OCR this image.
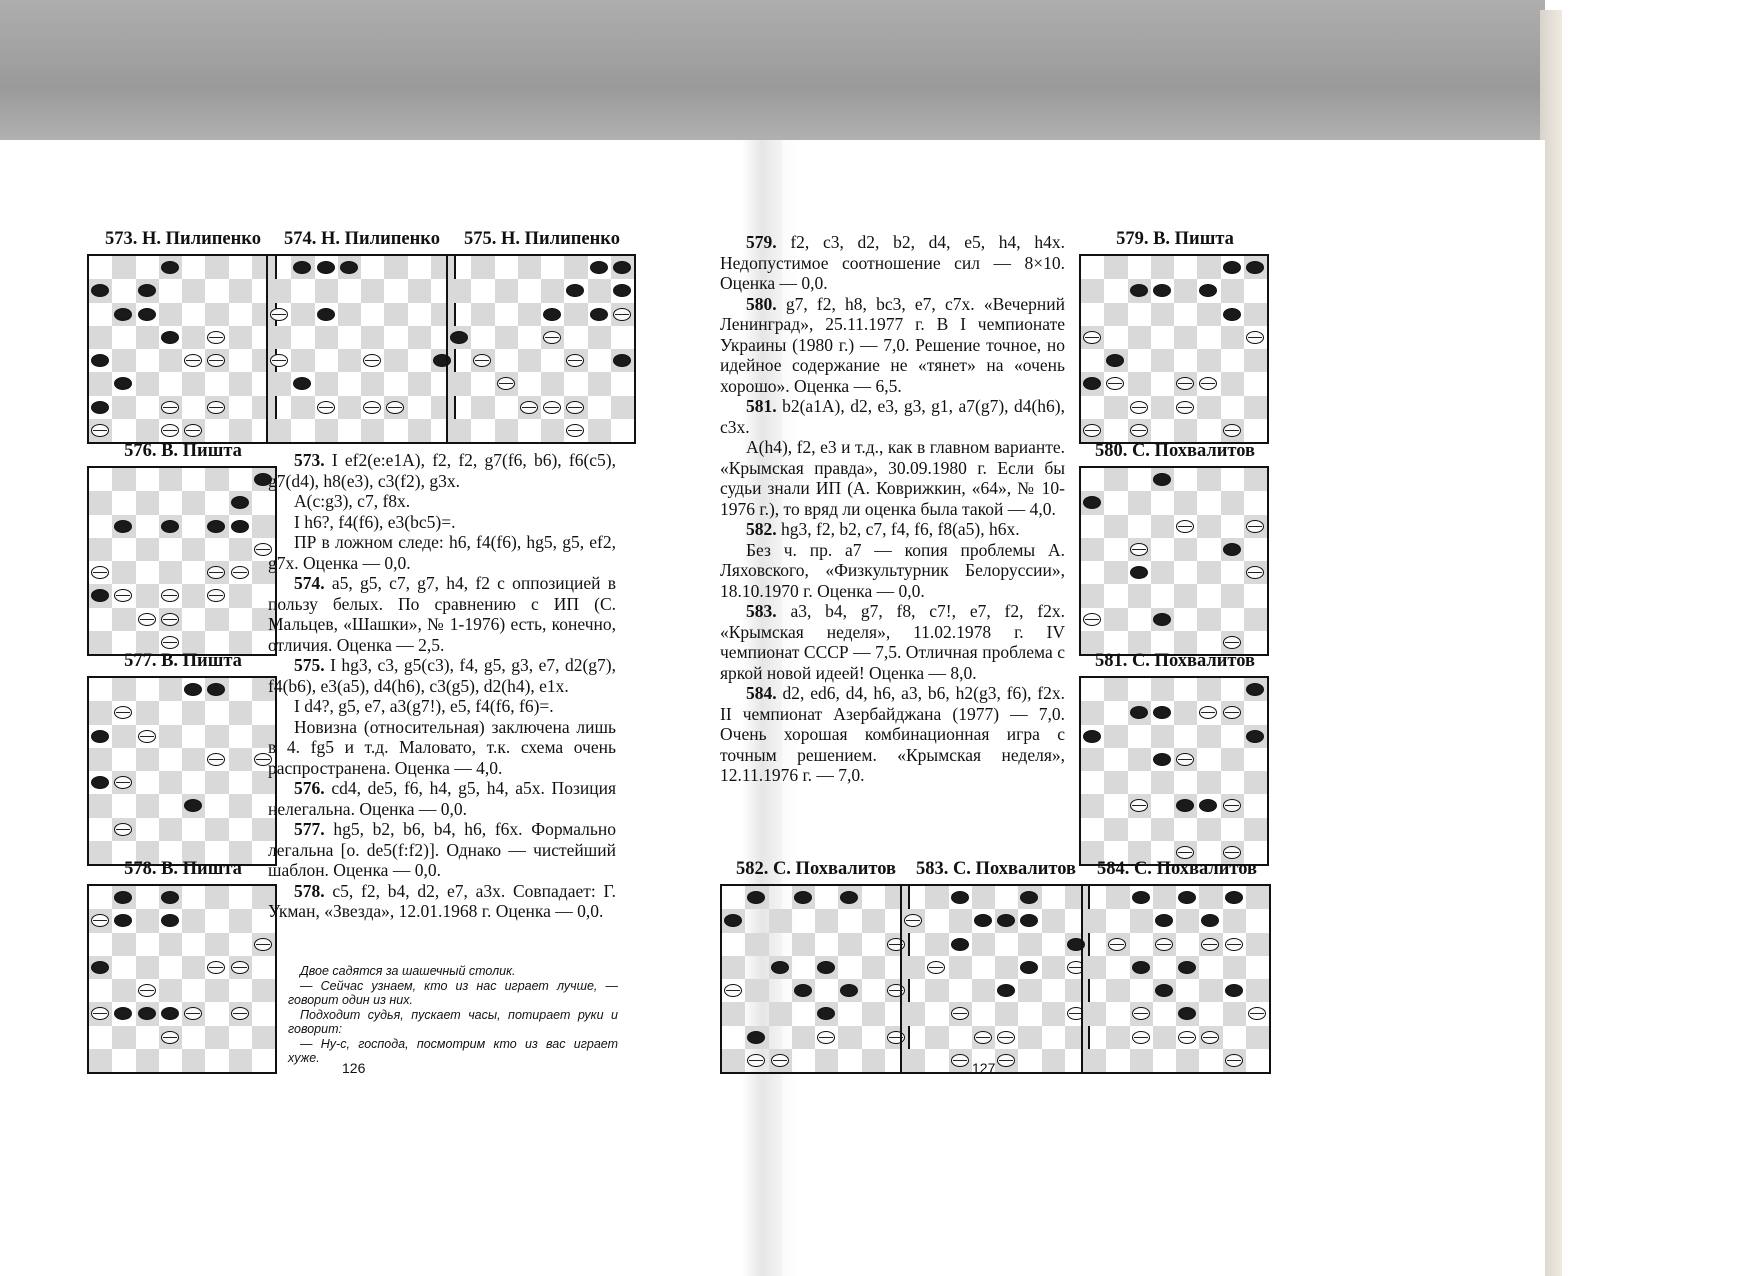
573. Н. Пилипенко	574. Н. Пилипенко	575. Н. Пилипенко
576. В. Пишта
577. В. Пишта
578. В. Пишта
579. В. Пишта
580. С. Похвалитов
581. С. Похвалитов
582. С. Похвалитов	583. С. Похвалитов	584. С. Похвалитов

573. I ef2(e:e1A), f2, f2, g7(f6, b6), f6(c5), g7(d4), h8(e3), c3(f2), g3x.

A(c:g3), c7, f8x.

I h6?, f4(f6), e3(bc5)=.

ПР в ложном следе: h6, f4(f6), hg5, g5, ef2, g7x. Оценка — 0,0.

574. a5, g5, c7, g7, h4, f2 с оппозицией в пользу белых. По сравнению с ИП (С. Мальцев, «Шашки», № 1-1976) есть, конечно, отличия. Оценка — 2,5.

575. I hg3, c3, g5(c3), f4, g5, g3, e7, d2(g7), f4(b6), e3(a5), d4(h6), c3(g5), d2(h4), e1x.

I d4?, g5, e7, a3(g7!), e5, f4(f6, f6)=.

Новизна (относительная) заключена лишь в 4. fg5 и т.д. Маловато, т.к. схема очень распространена. Оценка — 4,0.

576. cd4, de5, f6, h4, g5, h4, a5x. Позиция нелегальна. Оценка — 0,0.

577. hg5, b2, b6, b4, h6, f6x. Формально легальна [о. de5(f:f2)]. Однако — чистейший шаблон. Оценка — 0,0.

578. c5, f2, b4, d2, e7, a3x. Совпадает: Г. Укман, «Звезда», 12.01.1968 г. Оценка — 0,0.

Двое садятся за шашечный столик.

— Сейчас узнаем, кто из нас играет лучше, — говорит один из них.

Подходит судья, пускает часы, потирает руки и говорит:

— Ну-с, господа, посмотрим кто из вас играет хуже.

579. f2, c3, d2, b2, d4, e5, h4, h4x. Недопустимое соотношение сил — 8×10. Оценка — 0,0.

580. g7, f2, h8, bc3, e7, c7x. «Вечерний Ленинград», 25.11.1977 г. В I чемпионате Украины (1980 г.) — 7,0. Решение точное, но идейное содержание не «тянет» на «очень хорошо». Оценка — 6,5.

581. b2(a1A), d2, e3, g3, g1, a7(g7), d4(h6), c3x.

A(h4), f2, e3 и т.д., как в главном варианте. «Крымская правда», 30.09.1980 г. Если бы судьи знали ИП (А. Коврижкин, «64», № 10-1976 г.), то вряд ли оценка была такой — 4,0.

582. hg3, f2, b2, c7, f4, f6, f8(a5), h6x.

Без ч. пр. a7 — копия проблемы А. Ляховского, «Физкультурник Белоруссии», 18.10.1970 г. Оценка — 0,0.

583. a3, b4, g7, f8, c7!, e7, f2, f2x. «Крымская неделя», 11.02.1978 г. IV чемпионат СССР — 7,5. Отличная проблема с яркой новой идеей! Оценка — 8,0.

584. d2, ed6, d4, h6, a3, b6, h2(g3, f6), f2x. II чемпионат Азербайджана (1977) — 7,0. Очень хорошая комбинационная игра с точным решением. «Крымская неделя», 12.11.1976 г. — 7,0.

126	127
